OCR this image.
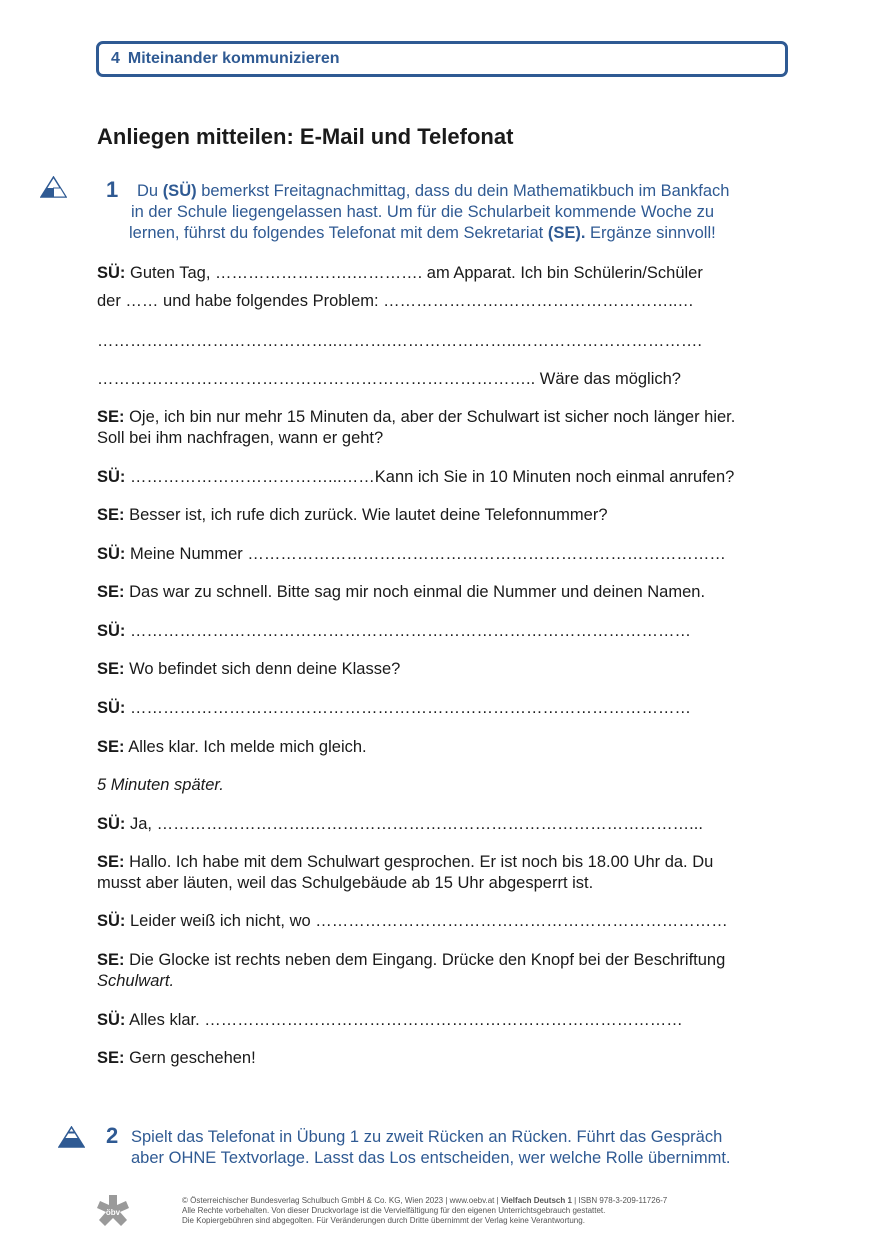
4 Miteinander kommunizieren
Anliegen mitteilen: E-Mail und Telefonat
1	Du (SÜ) bemerkst Freitagnachmittag, dass du dein Mathematikbuch im Bankfach
in der Schule liegengelassen hast. Um für die Schularbeit kommende Woche zu
lernen, führst du folgendes Telefonat mit dem Sekretariat (SE). Ergänze sinnvoll!
SÜ: Guten Tag, …………………….…………. am Apparat. Ich bin Schülerin/Schüler
der …… und habe folgendes Problem: ………………….…………………………..…
……………………………………..……….…………………..…………………………….
…………………………………………………………………….. Wäre das möglich?
SE: Oje, ich bin nur mehr 15 Minuten da, aber der Schulwart ist sicher noch länger hier.
Soll bei ihm nachfragen, wann er geht?
SÜ: ………………………………...……Kann ich Sie in 10 Minuten noch einmal anrufen?
SE: Besser ist, ich rufe dich zurück. Wie lautet deine Telefonnummer?
SÜ: Meine Nummer ……………………………………………………………………………
SE: Das war zu schnell. Bitte sag mir noch einmal die Nummer und deinen Namen.
SÜ: …………………………………………………………………………………………
SE: Wo befindet sich denn deine Klasse?
SÜ: …………………………………………………………………………………………
SE: Alles klar. Ich melde mich gleich.
5 Minuten später.
SÜ: Ja, ……………………….……………………………………………………………...
SE: Hallo. Ich habe mit dem Schulwart gesprochen. Er ist noch bis 18.00 Uhr da. Du
musst aber läuten, weil das Schulgebäude ab 15 Uhr abgesperrt ist.
SÜ: Leider weiß ich nicht, wo …………………………………………………………………
SE: Die Glocke ist rechts neben dem Eingang. Drücke den Knopf bei der Beschriftung
Schulwart.
SÜ: Alles klar. ……………………………………………………………………………
SE: Gern geschehen!
2 Spielt das Telefonat in Übung 1 zu zweit Rücken an Rücken. Führt das Gespräch
aber OHNE Textvorlage. Lasst das Los entscheiden, wer welche Rolle übernimmt.
öbv
© Österreichischer Bundesverlag Schulbuch GmbH & Co. KG, Wien 2023 | www.oebv.at | Vielfach Deutsch 1 | ISBN 978-3-209-11726-7
Alle Rechte vorbehalten. Von dieser Druckvorlage ist die Vervielfältigung für den eigenen Unterrichtsgebrauch gestattet.
Die Kopiergebühren sind abgegolten. Für Veränderungen durch Dritte übernimmt der Verlag keine Verantwortung.
